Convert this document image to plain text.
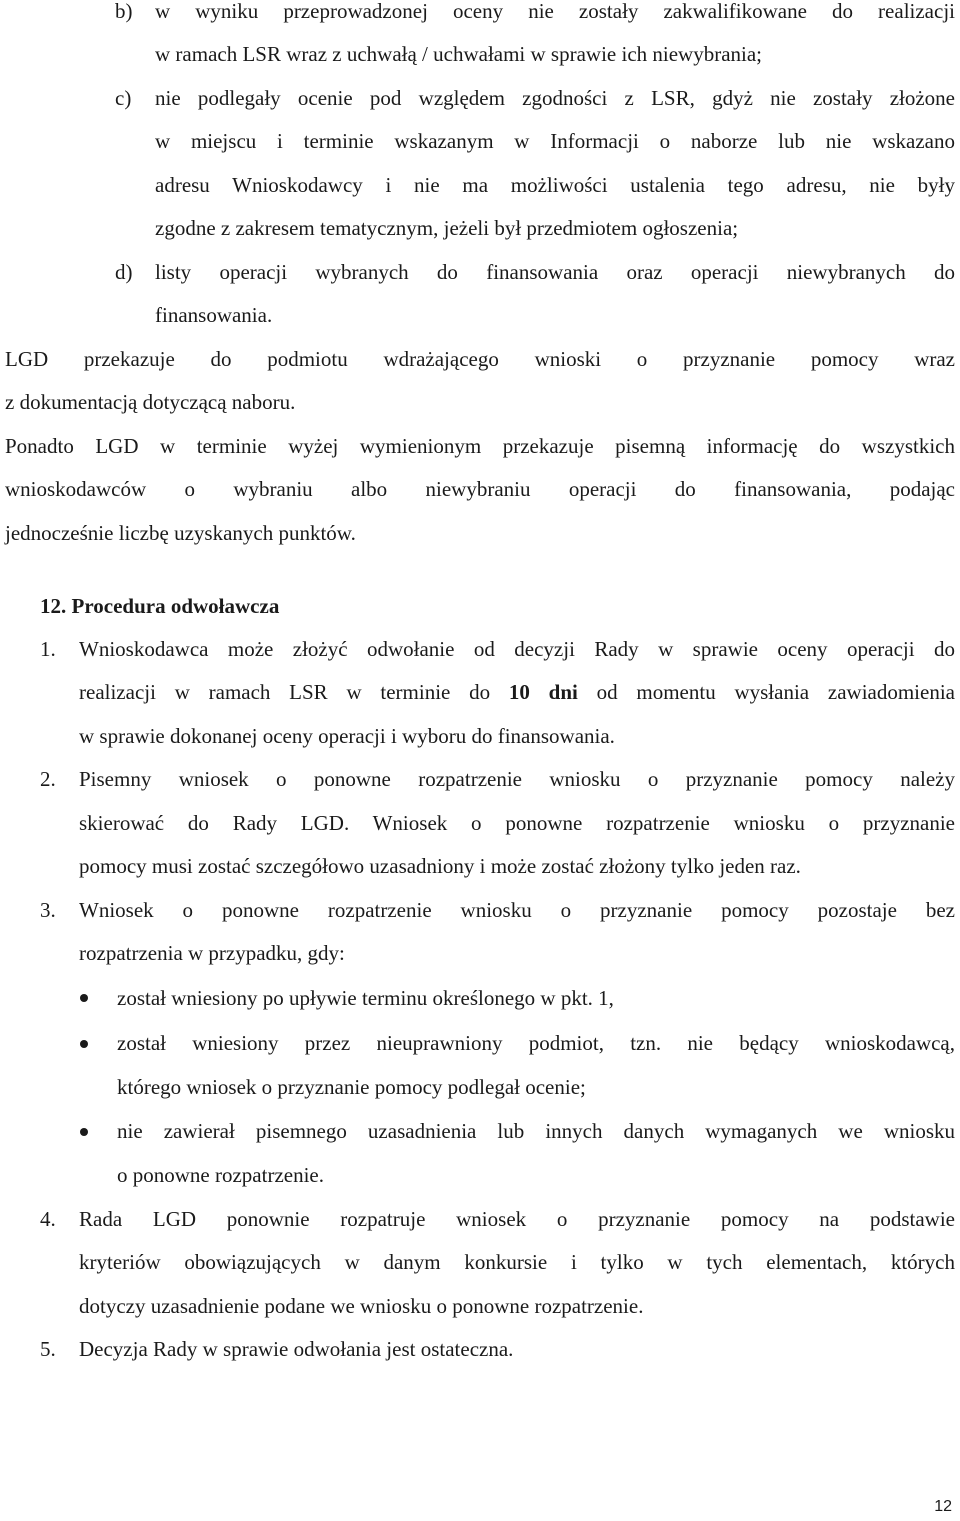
b) w wyniku przeprowadzonej oceny nie zostały zakwalifikowane do realizacji
w ramach LSR wraz z uchwałą / uchwałami w sprawie ich niewybrania;
c) nie podlegały ocenie pod względem zgodności z LSR, gdyż nie zostały złożone
w miejscu i terminie wskazanym w Informacji o naborze lub nie wskazano
adresu Wnioskodawcy i nie ma możliwości ustalenia tego adresu, nie były
zgodne z zakresem tematycznym, jeżeli był przedmiotem ogłoszenia;
d) listy operacji wybranych do finansowania oraz operacji niewybranych do
finansowania.
LGD przekazuje do podmiotu wdrażającego wnioski o przyznanie pomocy wraz
z dokumentacją dotyczącą naboru.
Ponadto LGD w terminie wyżej wymienionym przekazuje pisemną informację do wszystkich
wnioskodawców o wybraniu albo niewybraniu operacji do finansowania, podając
jednocześnie liczbę uzyskanych punktów.
12. Procedura odwoławcza
1. Wnioskodawca może złożyć odwołanie od decyzji Rady w sprawie oceny operacji do
realizacji w ramach LSR w terminie do 10 dni od momentu wysłania zawiadomienia
w sprawie dokonanej oceny operacji i wyboru do finansowania.
2. Pisemny wniosek o ponowne rozpatrzenie wniosku o przyznanie pomocy należy
skierować do Rady LGD. Wniosek o ponowne rozpatrzenie wniosku o przyznanie
pomocy musi zostać szczegółowo uzasadniony i może zostać złożony tylko jeden raz.
3. Wniosek o ponowne rozpatrzenie wniosku o przyznanie pomocy pozostaje bez
rozpatrzenia w przypadku, gdy:
został wniesiony po upływie terminu określonego w pkt. 1,
został wniesiony przez nieuprawniony podmiot, tzn. nie będący wnioskodawcą,
którego wniosek o przyznanie pomocy podlegał ocenie;
nie zawierał pisemnego uzasadnienia lub innych danych wymaganych we wniosku
o ponowne rozpatrzenie.
4. Rada LGD ponownie rozpatruje wniosek o przyznanie pomocy na podstawie
kryteriów obowiązujących w danym konkursie i tylko w tych elementach, których
dotyczy uzasadnienie podane we wniosku o ponowne rozpatrzenie.
5. Decyzja Rady w sprawie odwołania jest ostateczna.
12
